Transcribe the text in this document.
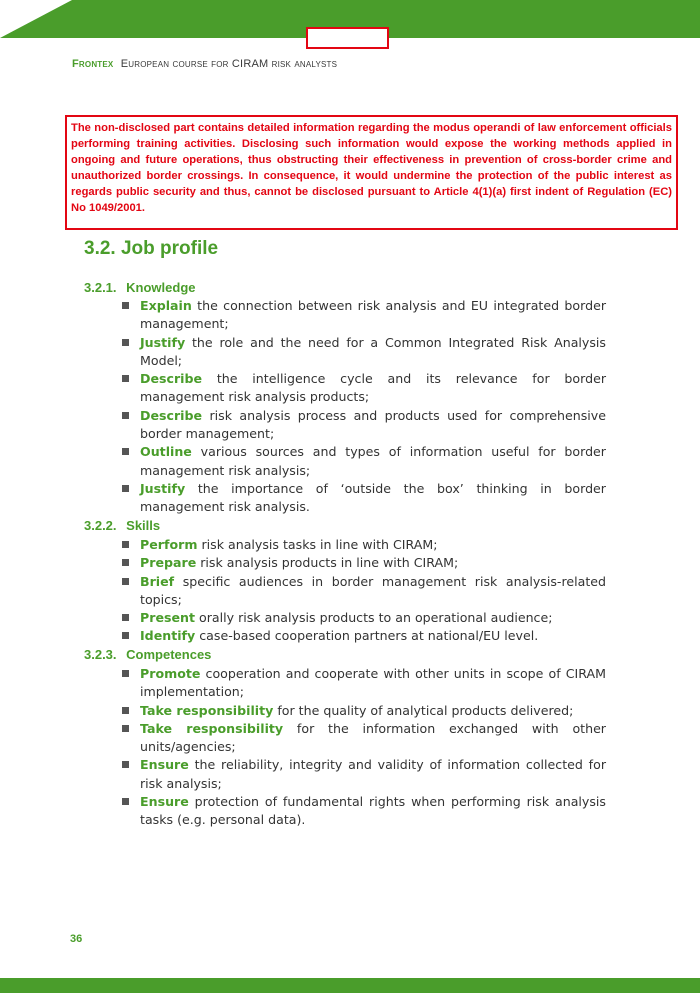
Frontex European course for CIRAM risk analysts
The non-disclosed part contains detailed information regarding the modus operandi of law enforcement officials performing training activities. Disclosing such information would expose the working methods applied in ongoing and future operations, thus obstructing their effectiveness in prevention of cross-border crime and unauthorized border crossings. In consequence, it would undermine the protection of the public interest as regards public security and thus, cannot be disclosed pursuant to Article 4(1)(a) first indent of Regulation (EC) No 1049/2001.
3.2. Job profile
3.2.1. Knowledge
Explain the connection between risk analysis and EU integrated border management;
Justify the role and the need for a Common Integrated Risk Analysis Model;
Describe the intelligence cycle and its relevance for border management risk analysis products;
Describe risk analysis process and products used for comprehensive border management;
Outline various sources and types of information useful for border management risk analysis;
Justify the importance of ‘outside the box’ thinking in border management risk analysis.
3.2.2. Skills
Perform risk analysis tasks in line with CIRAM;
Prepare risk analysis products in line with CIRAM;
Brief specific audiences in border management risk analysis-related topics;
Present orally risk analysis products to an operational audience;
Identify case-based cooperation partners at national/EU level.
3.2.3. Competences
Promote cooperation and cooperate with other units in scope of CIRAM implementation;
Take responsibility for the quality of analytical products delivered;
Take responsibility for the information exchanged with other units/agencies;
Ensure the reliability, integrity and validity of information collected for risk analysis;
Ensure protection of fundamental rights when performing risk analysis tasks (e.g. personal data).
36
